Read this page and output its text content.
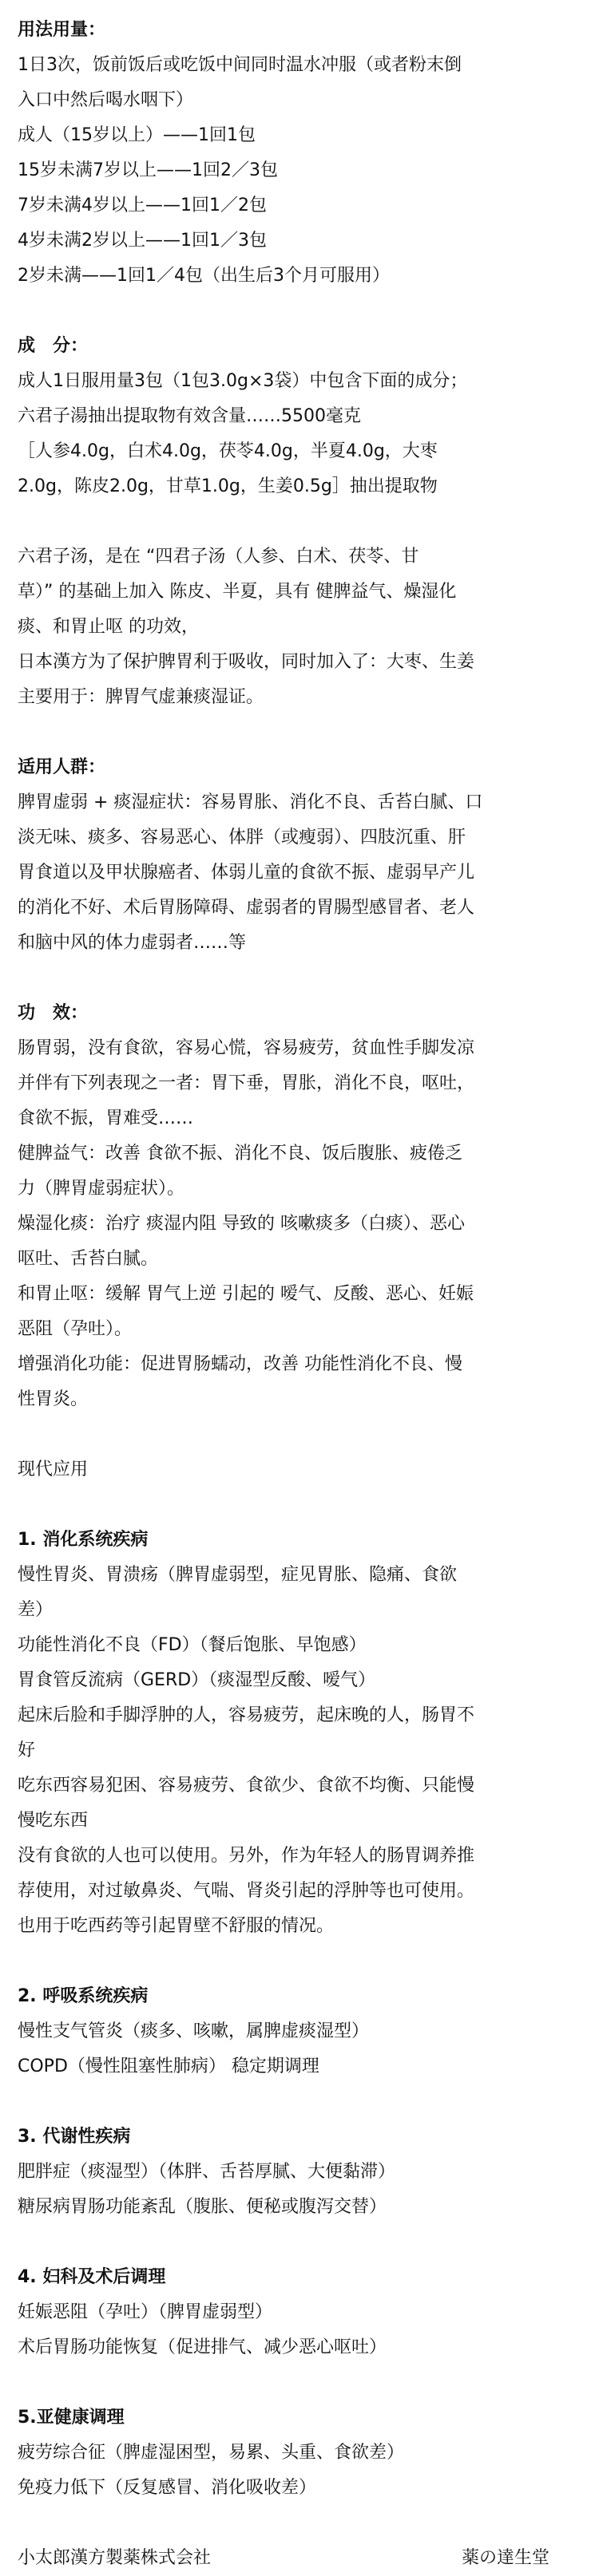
用法用量：
1日3次，饭前饭后或吃饭中间同时温水冲服（或者粉末倒
入口中然后喝水咽下）
成人（15岁以上）——1回1包
15岁未满7岁以上——1回2／3包
7岁未满4岁以上——1回1／2包
4岁未满2岁以上——1回1／3包
2岁未满——1回1／4包（出生后3个月可服用）
成　分：
成人1日服用量3包（1包3.0g×3袋）中包含下面的成分；
六君子湯抽出提取物有效含量……5500毫克
［人参4.0g，白术4.0g，茯苓4.0g，半夏4.0g，大枣
2.0g，陈皮2.0g，甘草1.0g，生姜0.5g］抽出提取物
六君子汤，是在 “四君子汤（人参、白术、茯苓、甘
草）” 的基础上加入 陈皮、半夏，具有 健脾益气、燥湿化
痰、和胃止呕 的功效，
日本漢方为了保护脾胃利于吸收，同时加入了：大枣、生姜
主要用于：脾胃气虚兼痰湿证。
适用人群：
脾胃虚弱 + 痰湿症状：容易胃胀、消化不良、舌苔白腻、口
淡无味、痰多、容易恶心、体胖（或瘦弱）、四肢沉重、肝
胃食道以及甲状腺癌者、体弱儿童的食欲不振、虚弱早产儿
的消化不好、术后胃肠障碍、虚弱者的胃腸型感冒者、老人
和脑中风的体力虚弱者……等
功　效：
肠胃弱，没有食欲，容易心慌，容易疲劳，贫血性手脚发凉
并伴有下列表现之一者：胃下垂，胃胀，消化不良，呕吐，
食欲不振，胃难受……
健脾益气：改善 食欲不振、消化不良、饭后腹胀、疲倦乏
力（脾胃虚弱症状）。
燥湿化痰：治疗 痰湿内阻 导致的 咳嗽痰多（白痰）、恶心
呕吐、舌苔白腻。
和胃止呕：缓解 胃气上逆 引起的 嗳气、反酸、恶心、妊娠
恶阻（孕吐）。
增强消化功能：促进胃肠蠕动，改善 功能性消化不良、慢
性胃炎。
现代应用
1. 消化系统疾病
慢性胃炎、胃溃疡（脾胃虚弱型，症见胃胀、隐痛、食欲
差）
功能性消化不良（FD）（餐后饱胀、早饱感）
胃食管反流病（GERD）（痰湿型反酸、嗳气）
起床后脸和手脚浮肿的人，容易疲劳，起床晚的人，肠胃不
好
吃东西容易犯困、容易疲劳、食欲少、食欲不均衡、只能慢
慢吃东西
没有食欲的人也可以使用。另外，作为年轻人的肠胃调养推
荐使用，对过敏鼻炎、气喘、肾炎引起的浮肿等也可使用。
也用于吃西药等引起胃壁不舒服的情况。
2. 呼吸系统疾病
慢性支气管炎（痰多、咳嗽，属脾虚痰湿型）
COPD（慢性阻塞性肺病） 稳定期调理
3. 代谢性疾病
肥胖症（痰湿型）（体胖、舌苔厚腻、大便黏滞）
糖尿病胃肠功能紊乱（腹胀、便秘或腹泻交替）
4. 妇科及术后调理
妊娠恶阻（孕吐）（脾胃虚弱型）
术后胃肠功能恢复（促进排气、减少恶心呕吐）
5.亚健康调理
疲劳综合征（脾虚湿困型，易累、头重、食欲差）
免疫力低下（反复感冒、消化吸收差）
小太郎漢方製薬株式会社	薬の達生堂
